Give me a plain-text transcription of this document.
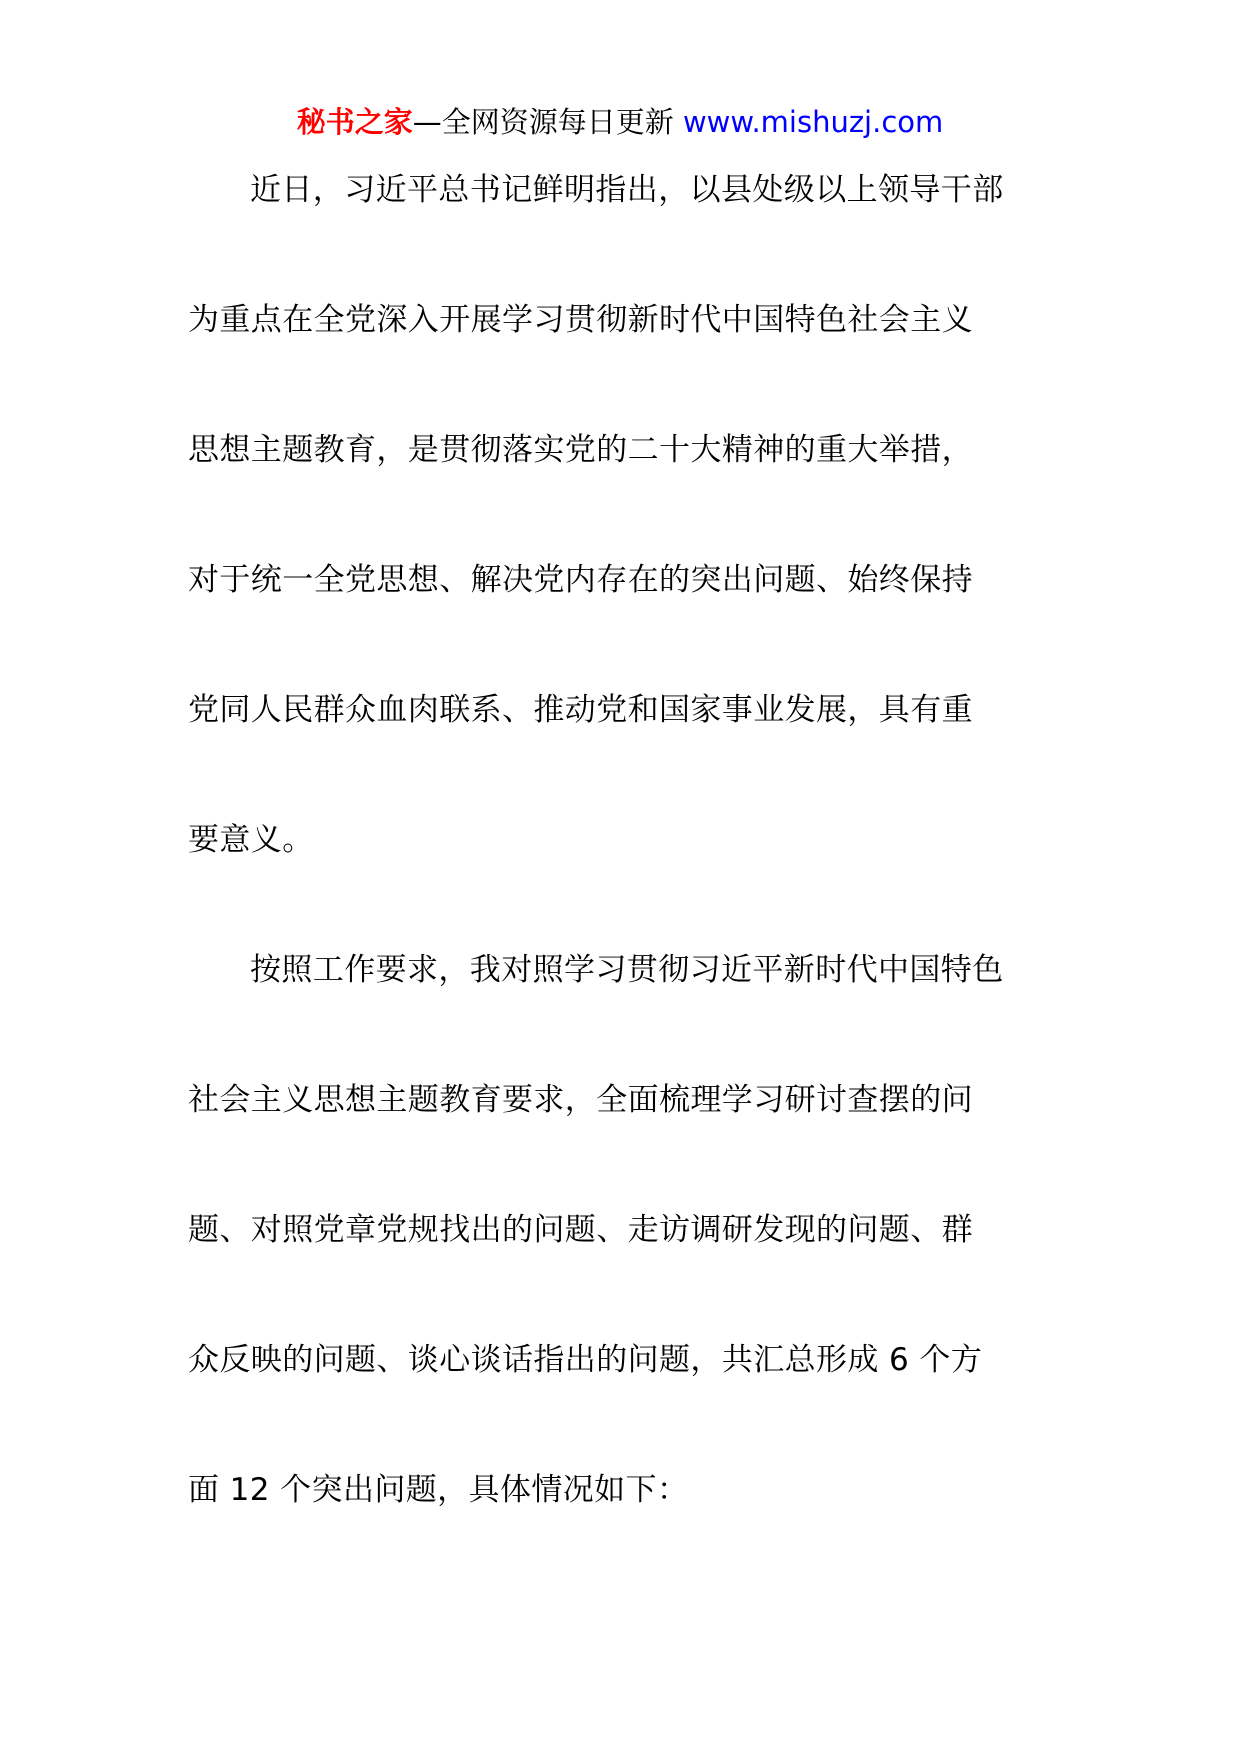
秘书之家—全网资源每日更新 www.mishuzj.com
近日，习近平总书记鲜明指出，以县处级以上领导干部
为重点在全党深入开展学习贯彻新时代中国特色社会主义
思想主题教育，是贯彻落实党的二十大精神的重大举措，
对于统一全党思想、解决党内存在的突出问题、始终保持
党同人民群众血肉联系、推动党和国家事业发展，具有重
要意义。
按照工作要求，我对照学习贯彻习近平新时代中国特色
社会主义思想主题教育要求，全面梳理学习研讨查摆的问
题、对照党章党规找出的问题、走访调研发现的问题、群
众反映的问题、谈心谈话指出的问题，共汇总形成 6 个方
面 12 个突出问题，具体情况如下：
